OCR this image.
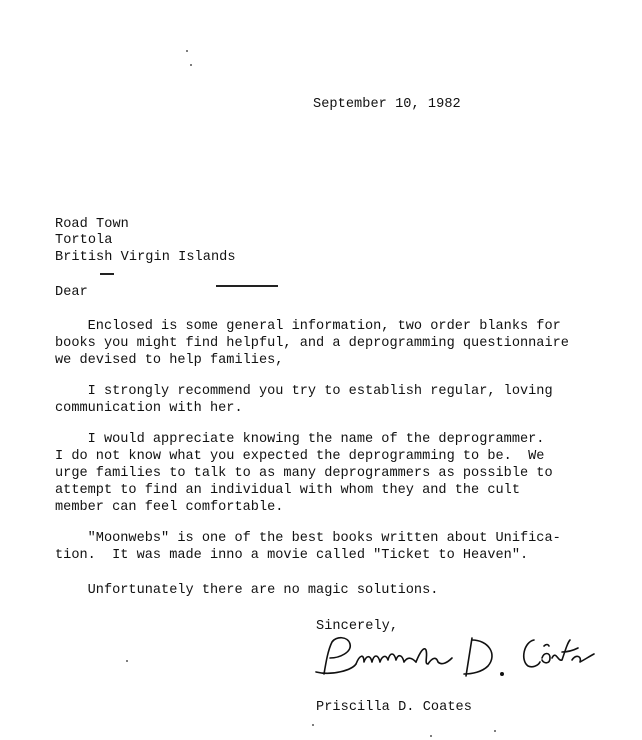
September 10, 1982
Road Town
Tortola
British Virgin Islands
Dear
Enclosed is some general information, two order blanks for
books you might find helpful, and a deprogramming questionnaire
we devised to help families,
I strongly recommend you try to establish regular, loving
communication with her.
I would appreciate knowing the name of the deprogrammer.
I do not know what you expected the deprogramming to be.  We
urge families to talk to as many deprogrammers as possible to
attempt to find an individual with whom they and the cult
member can feel comfortable.
"Moonwebs" is one of the best books written about Unifica-
tion.  It was made inno a movie called "Ticket to Heaven".
Unfortunately there are no magic solutions.
Sincerely,
Priscilla D. Coates
